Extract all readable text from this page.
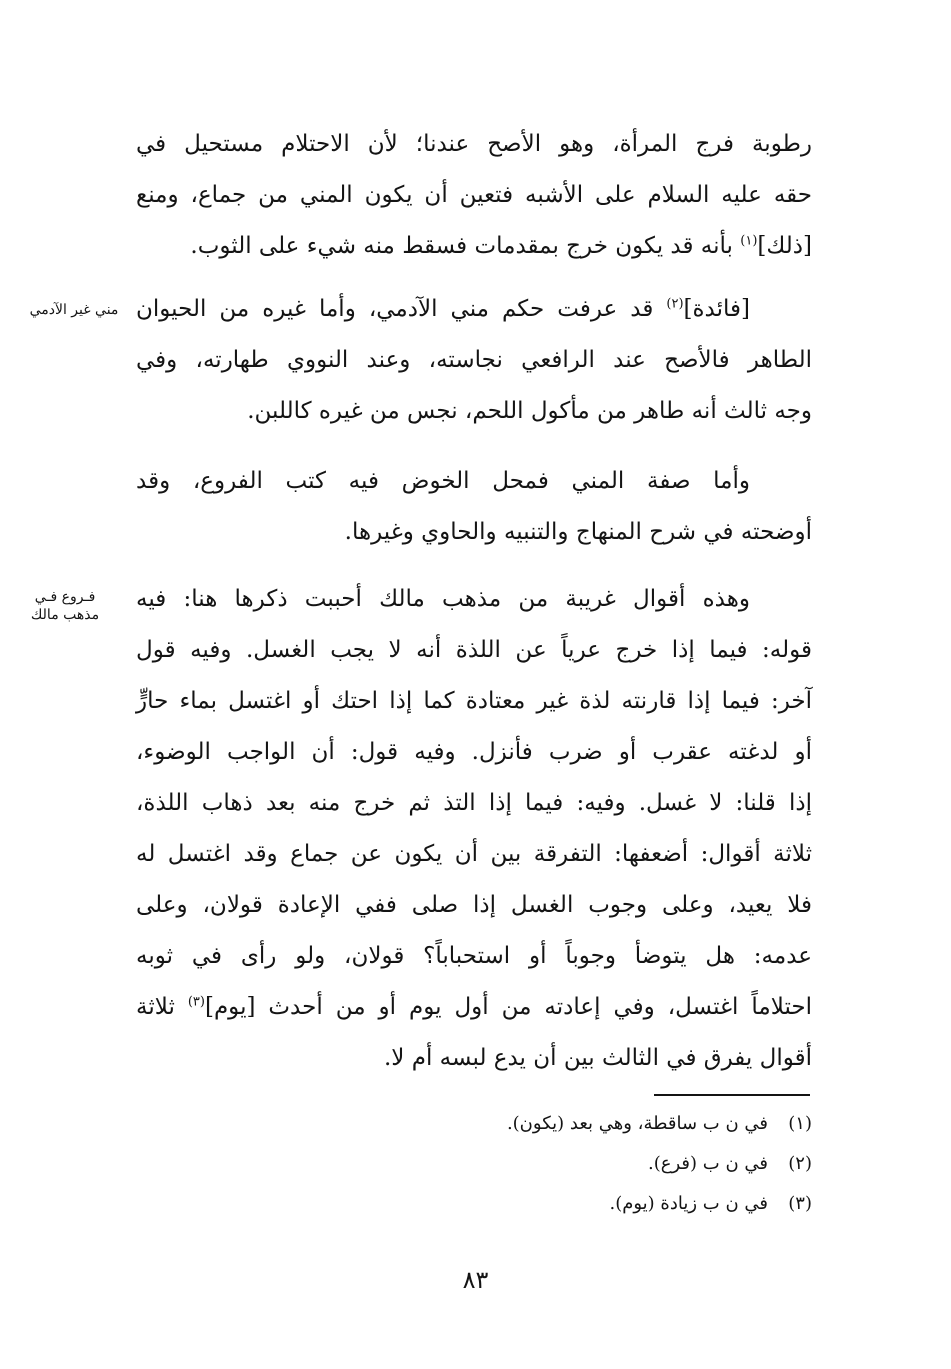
رطوبة فرج المرأة، وهو الأصح عندنا؛ لأن الاحتلام مستحيل في
حقه عليه السلام على الأشبه فتعين أن يكون المني من جماع، ومنع
[ذلك]$^{(١)}$ بأنه قد يكون خرج بمقدمات فسقط منه شيء على الثوب.
مني غير الآدمي	[فائدة]$^{(٢)}$ قد عرفت حكم مني الآدمي، وأما غيره من الحيوان
الطاهر فالأصح عند الرافعي نجاسته، وعند النووي طهارته، وفي
وجه ثالث أنه طاهر من مأكول اللحم، نجس من غيره كاللبن.
وأما صفة المني فمحل الخوض فيه كتب الفروع، وقد
أوضحته في شرح المنهاج والتنبيه والحاوي وغيرها.
فـروع فـي مذهب مالك
وهذه أقوال غريبة من مذهب مالك أحببت ذكرها هنا: فيه
قوله: فيما إذا خرج عرياً عن اللذة أنه لا يجب الغسل. وفيه قول
آخر: فيما إذا قارنته لذة غير معتادة كما إذا احتك أو اغتسل بماء حارٍّ
أو لدغته عقرب أو ضرب فأنزل. وفيه قول: أن الواجب الوضوء،
إذا قلنا: لا غسل. وفيه: فيما إذا التذ ثم خرج منه بعد ذهاب اللذة،
ثلاثة أقوال: أضعفها: التفرقة بين أن يكون عن جماع وقد اغتسل له
فلا يعيد، وعلى وجوب الغسل إذا صلى ففي الإعادة قولان، وعلى
عدمه: هل يتوضأ وجوباً أو استحباباً؟ قولان، ولو رأى في ثوبه
احتلاماً اغتسل، وفي إعادته من أول يوم أو من أحدث [يوم]$^{(٣)}$ ثلاثة
أقوال يفرق في الثالث بين أن يدع لبسه أم لا.
(١)في ن ب ساقطة، وهي بعد (يكون).
(٢)في ن ب (فرع).
(٣)في ن ب زيادة (يوم).
٨٣
